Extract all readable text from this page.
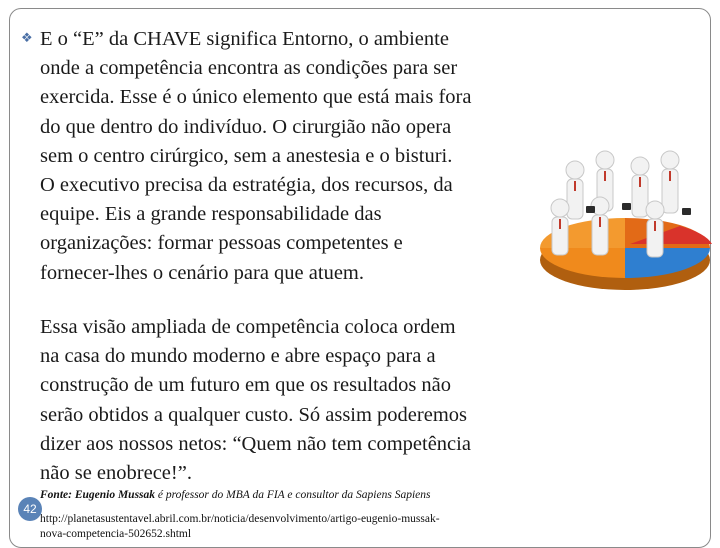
❖ E o “E” da CHAVE significa Entorno, o ambiente
onde a competência encontra as condições para ser
exercida. Esse é o único elemento que está mais fora
do que dentro do indivíduo. O cirurgião não opera
sem o centro cirúrgico, sem a anestesia e o bisturi.
O executivo precisa da estratégia, dos recursos, da
equipe. Eis a grande responsabilidade das
organizações: formar pessoas competentes e
fornecer-lhes o cenário para que atuem.
Essa visão ampliada de competência coloca ordem
na casa do mundo moderno e abre espaço para a
construção de um futuro em que os resultados não
serão obtidos a qualquer custo. Só assim poderemos
dizer aos nossos netos: “Quem não tem competência
não se enobrece!”.
Fonte: Eugenio Mussak é professor do MBA da FIA e consultor da Sapiens Sapiens
http://planetasustentavel.abril.com.br/noticia/desenvolvimento/artigo-eugenio-mussak-
nova-competencia-502652.shtml
42
